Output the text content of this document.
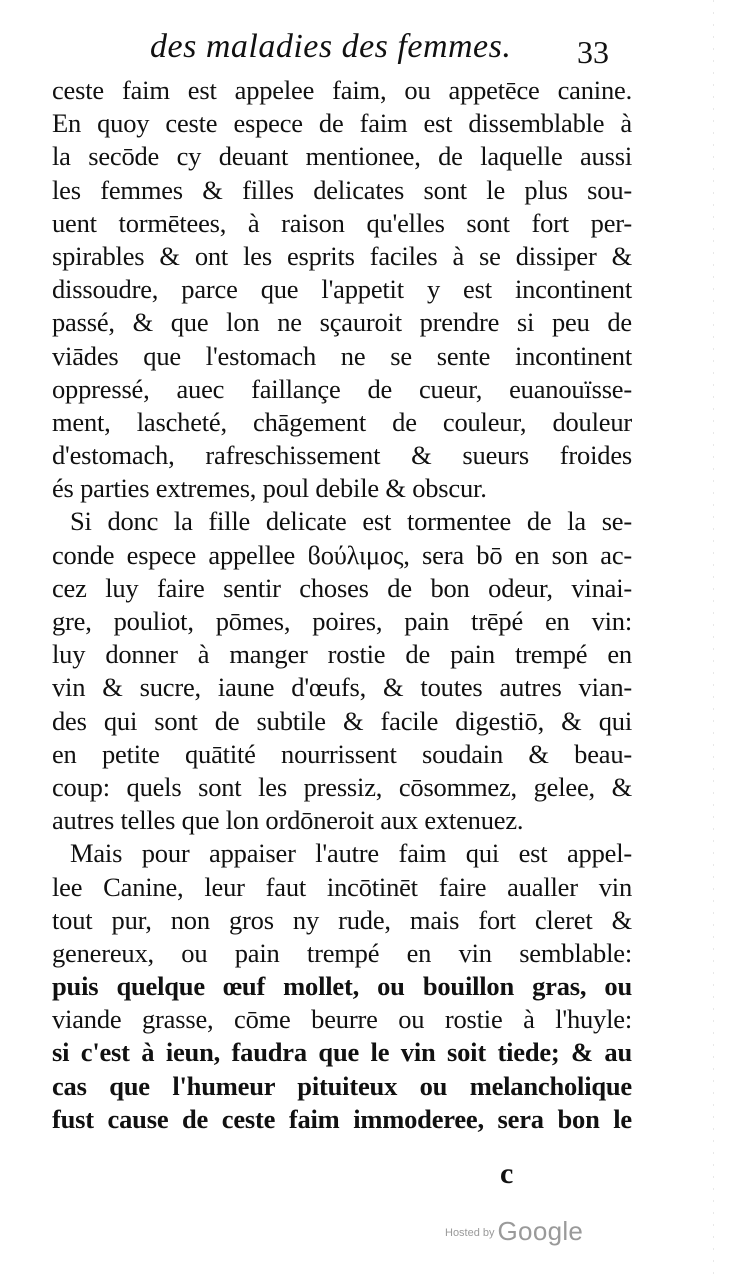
des maladies des femmes. 33
ceste faim est appelee faim, ou appetēce canine.
En quoy ceste espece de faim est dissemblable à
la secōde cy deuant mentionee, de laquelle aussi
les femmes & filles delicates sont le plus sou-
uent tormētees, à raison qu'elles sont fort per-
spirables & ont les esprits faciles à se dissiper &
dissoudre, parce que l'appetit y est incontinent
passé, & que lon ne sçauroit prendre si peu de
viādes que l'estomach ne se sente incontinent
oppressé, auec faillançe de cueur, euanouïsse-
ment, lascheté, chāgement de couleur, douleur
d'estomach, rafreschissement & sueurs froides
és parties extremes, poul debile & obscur.
Si donc la fille delicate est tormentee de la se-
conde espece appellee ϐούλιμος, sera bō en son ac-
cez luy faire sentir choses de bon odeur, vinai-
gre, pouliot, pōmes, poires, pain trēpé en vin:
luy donner à manger rostie de pain trempé en
vin & sucre, iaune d'œufs, & toutes autres vian-
des qui sont de subtile & facile digestiō, & qui
en petite quātité nourrissent soudain & beau-
coup: quels sont les pressiz, cōsommez, gelee, &
autres telles que lon ordōneroit aux extenuez.
Mais pour appaiser l'autre faim qui est appel-
lee Canine, leur faut incōtinēt faire aualler vin
tout pur, non gros ny rude, mais fort cleret &
genereux, ou pain trempé en vin semblable:
puis quelque œuf mollet, ou bouillon gras, ou
viande grasse, cōme beurre ou rostie à l'huyle:
si c'est à ieun, faudra que le vin soit tiede; & au
cas que l'humeur pituiteux ou melancholique
fust cause de ceste faim immoderee, sera bon le
c
$^{Hosted by}$ Google
